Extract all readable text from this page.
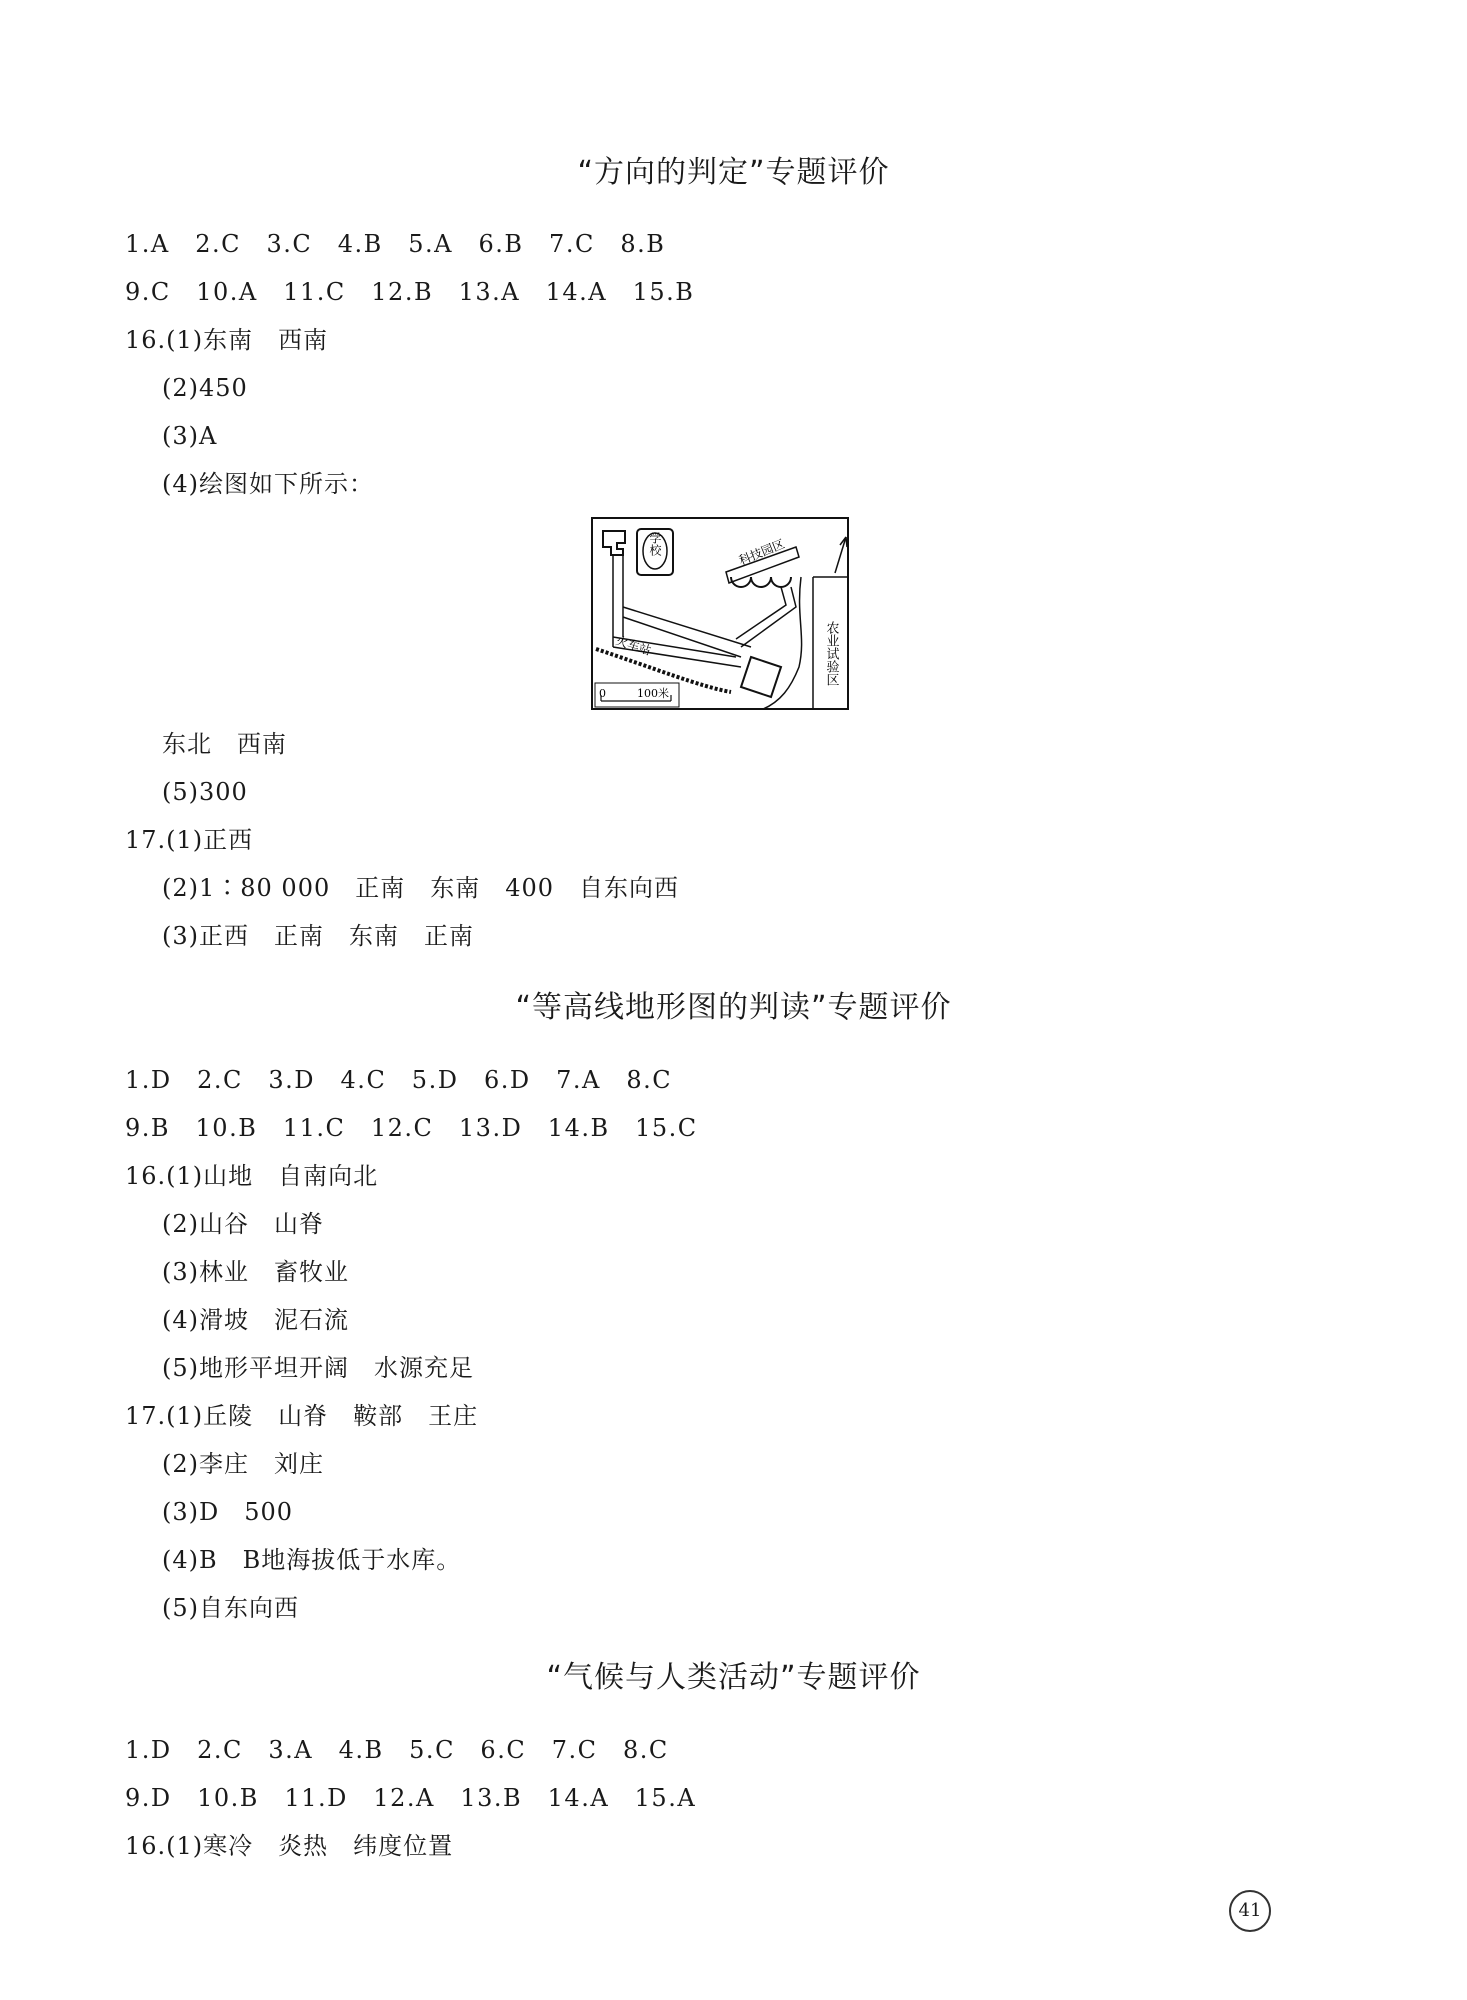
“方向的判定”专题评价
1.A　2.C　3.C　4.B　5.A　6.B　7.C　8.B
9.C　10.A　11.C　12.B　13.A　14.A　15.B
16.(1)东南　西南
(2)450
(3)A
(4)绘图如下所示：
学校	科技园区
火车站	农业试验区
0	100米
东北　西南
(5)300
17.(1)正西
(2)1∶80 000　正南　东南　400　自东向西
(3)正西　正南　东南　正南
“等高线地形图的判读”专题评价
1.D　2.C　3.D　4.C　5.D　6.D　7.A　8.C
9.B　10.B　11.C　12.C　13.D　14.B　15.C
16.(1)山地　自南向北
(2)山谷　山脊
(3)林业　畜牧业
(4)滑坡　泥石流
(5)地形平坦开阔　水源充足
17.(1)丘陵　山脊　鞍部　王庄
(2)李庄　刘庄
(3)D　500
(4)B　B地海拔低于水库。
(5)自东向西
“气候与人类活动”专题评价
1.D　2.C　3.A　4.B　5.C　6.C　7.C　8.C
9.D　10.B　11.D　12.A　13.B　14.A　15.A
16.(1)寒冷　炎热　纬度位置
41
